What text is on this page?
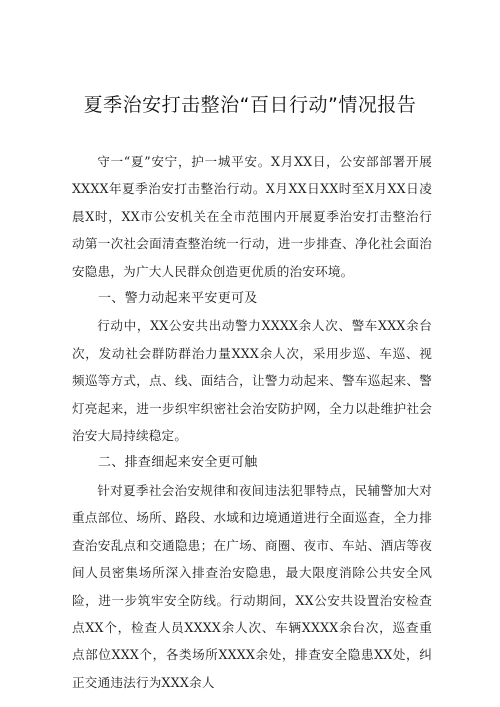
夏季治安打击整治“百日行动”情况报告

守一“夏”安宁，护一城平安。X月XX日，公安部部署开展XXXX年夏季治安打击整治行动。X月XX日XX时至X月XX日凌晨X时，XX市公安机关在全市范围内开展夏季治安打击整治行动第一次社会面清查整治统一行动，进一步排查、净化社会面治安隐患，为广大人民群众创造更优质的治安环境。

一、警力动起来平安更可及

行动中，XX公安共出动警力XXXX余人次、警车XXX余台次，发动社会群防群治力量XXX余人次，采用步巡、车巡、视频巡等方式，点、线、面结合，让警力动起来、警车巡起来、警灯亮起来，进一步织牢织密社会治安防护网，全力以赴维护社会治安大局持续稳定。

二、排查细起来安全更可触

针对夏季社会治安规律和夜间违法犯罪特点，民辅警加大对重点部位、场所、路段、水域和边境通道进行全面巡查，全力排查治安乱点和交通隐患；在广场、商圈、夜市、车站、酒店等夜间人员密集场所深入排查治安隐患，最大限度消除公共安全风险，进一步筑牢安全防线。行动期间，XX公安共设置治安检查点XX个，检查人员XXXX余人次、车辆XXXX余台次，巡查重点部位XXX个，各类场所XXXX余处，排查安全隐患XX处，纠正交通违法行为XXX余人
